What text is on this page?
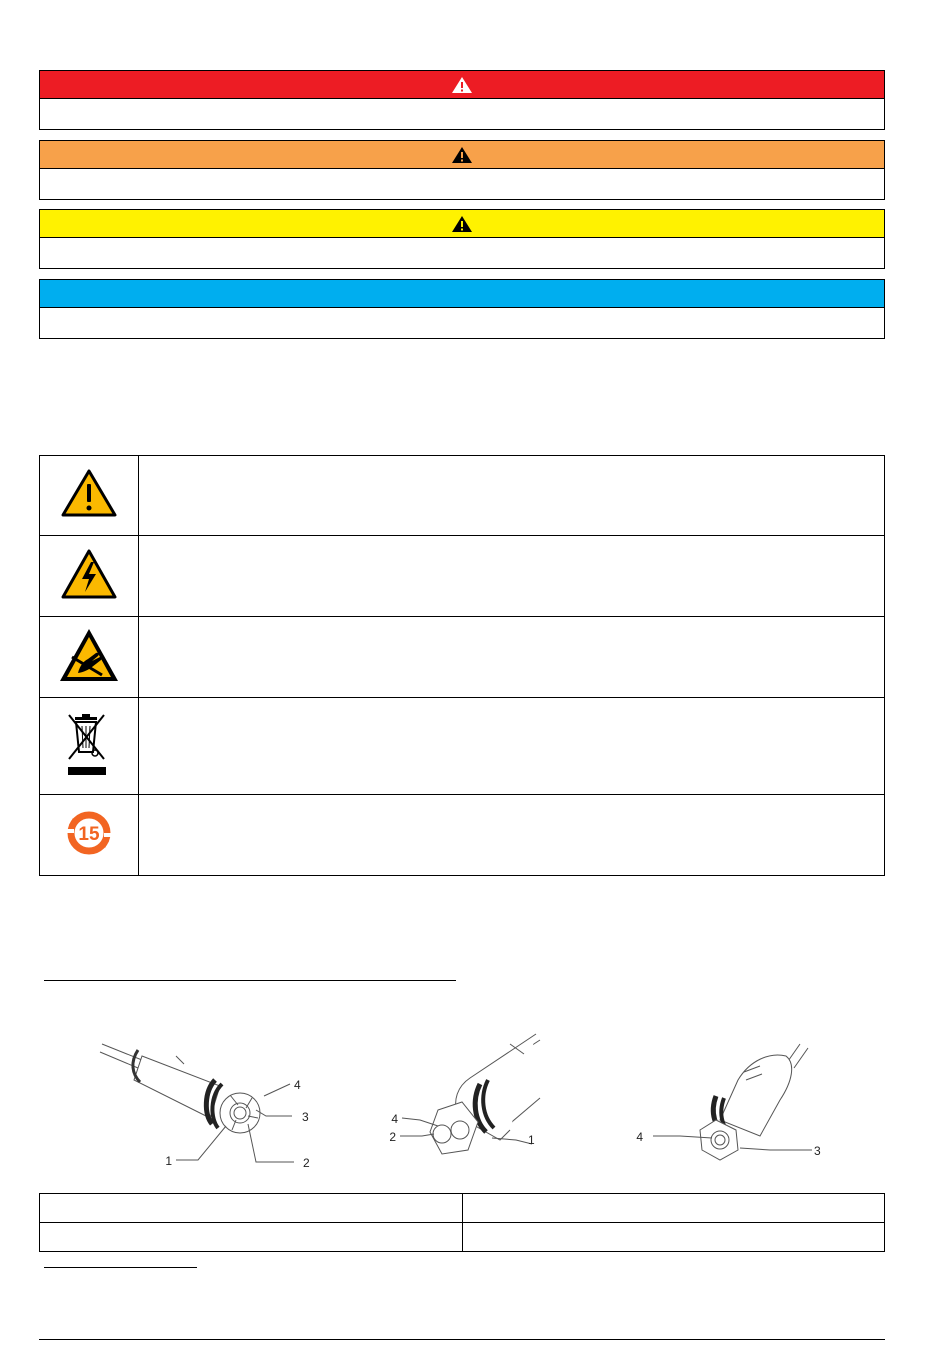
15	

1	2
3
4
1
2
4
3
4
